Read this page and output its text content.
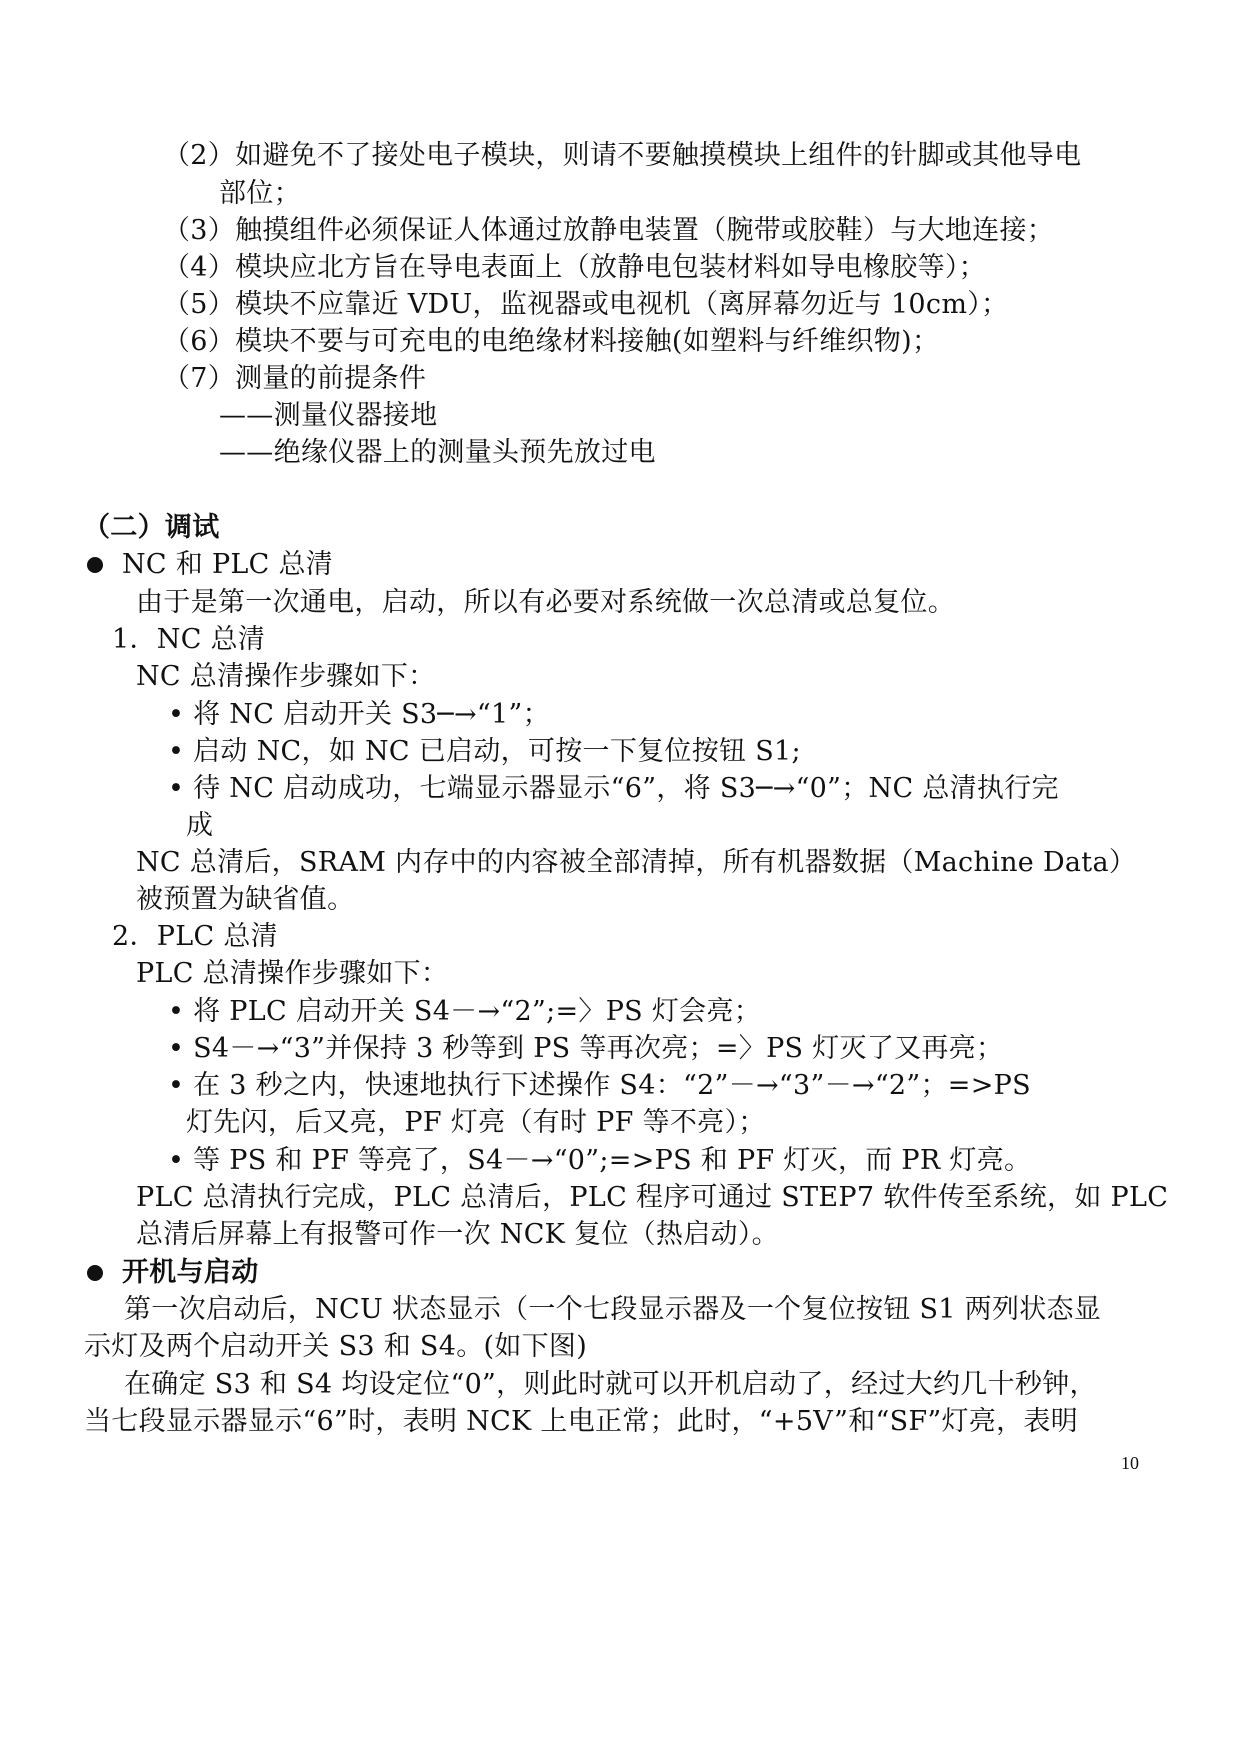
（2）如避免不了接处电子模块，则请不要触摸模块上组件的针脚或其他导电
部位；
（3）触摸组件必须保证人体通过放静电装置（腕带或胶鞋）与大地连接；
（4）模块应北方旨在导电表面上（放静电包装材料如导电橡胶等）；
（5）模块不应靠近 VDU，监视器或电视机（离屏幕勿近与 10cm）；
（6）模块不要与可充电的电绝缘材料接触(如塑料与纤维织物)；
（7）测量的前提条件
——测量仪器接地
——绝缘仪器上的测量头预先放过电
（二）调试
NC 和 PLC 总清
由于是第一次通电，启动，所以有必要对系统做一次总清或总复位。
1．NC 总清
NC 总清操作步骤如下：
• 将 NC 启动开关 S3─→“1”；
• 启动 NC，如 NC 已启动，可按一下复位按钮 S1;
• 待 NC 启动成功，七端显示器显示“6”，将 S3─→“0”；NC 总清执行完
成
NC 总清后，SRAM 内存中的内容被全部清掉，所有机器数据（Machine Data）
被预置为缺省值。
2．PLC 总清
PLC 总清操作步骤如下：
• 将 PLC 启动开关 S4－→“2”;=〉PS 灯会亮；
• S4－→“3”并保持 3 秒等到 PS 等再次亮；=〉PS 灯灭了又再亮；
• 在 3 秒之内，快速地执行下述操作 S4：“2”－→“3”－→“2”；=>PS
灯先闪，后又亮，PF 灯亮（有时 PF 等不亮）；
• 等 PS 和 PF 等亮了，S4－→“0”;=>PS 和 PF 灯灭，而 PR 灯亮。
PLC 总清执行完成，PLC 总清后，PLC 程序可通过 STEP7 软件传至系统，如 PLC
总清后屏幕上有报警可作一次 NCK 复位（热启动）。
开机与启动
第一次启动后，NCU 状态显示（一个七段显示器及一个复位按钮 S1 两列状态显
示灯及两个启动开关 S3 和 S4。(如下图)
在确定 S3 和 S4 均设定位“0”，则此时就可以开机启动了，经过大约几十秒钟，
当七段显示器显示“6”时，表明 NCK 上电正常；此时，“+5V”和“SF”灯亮，表明
10
